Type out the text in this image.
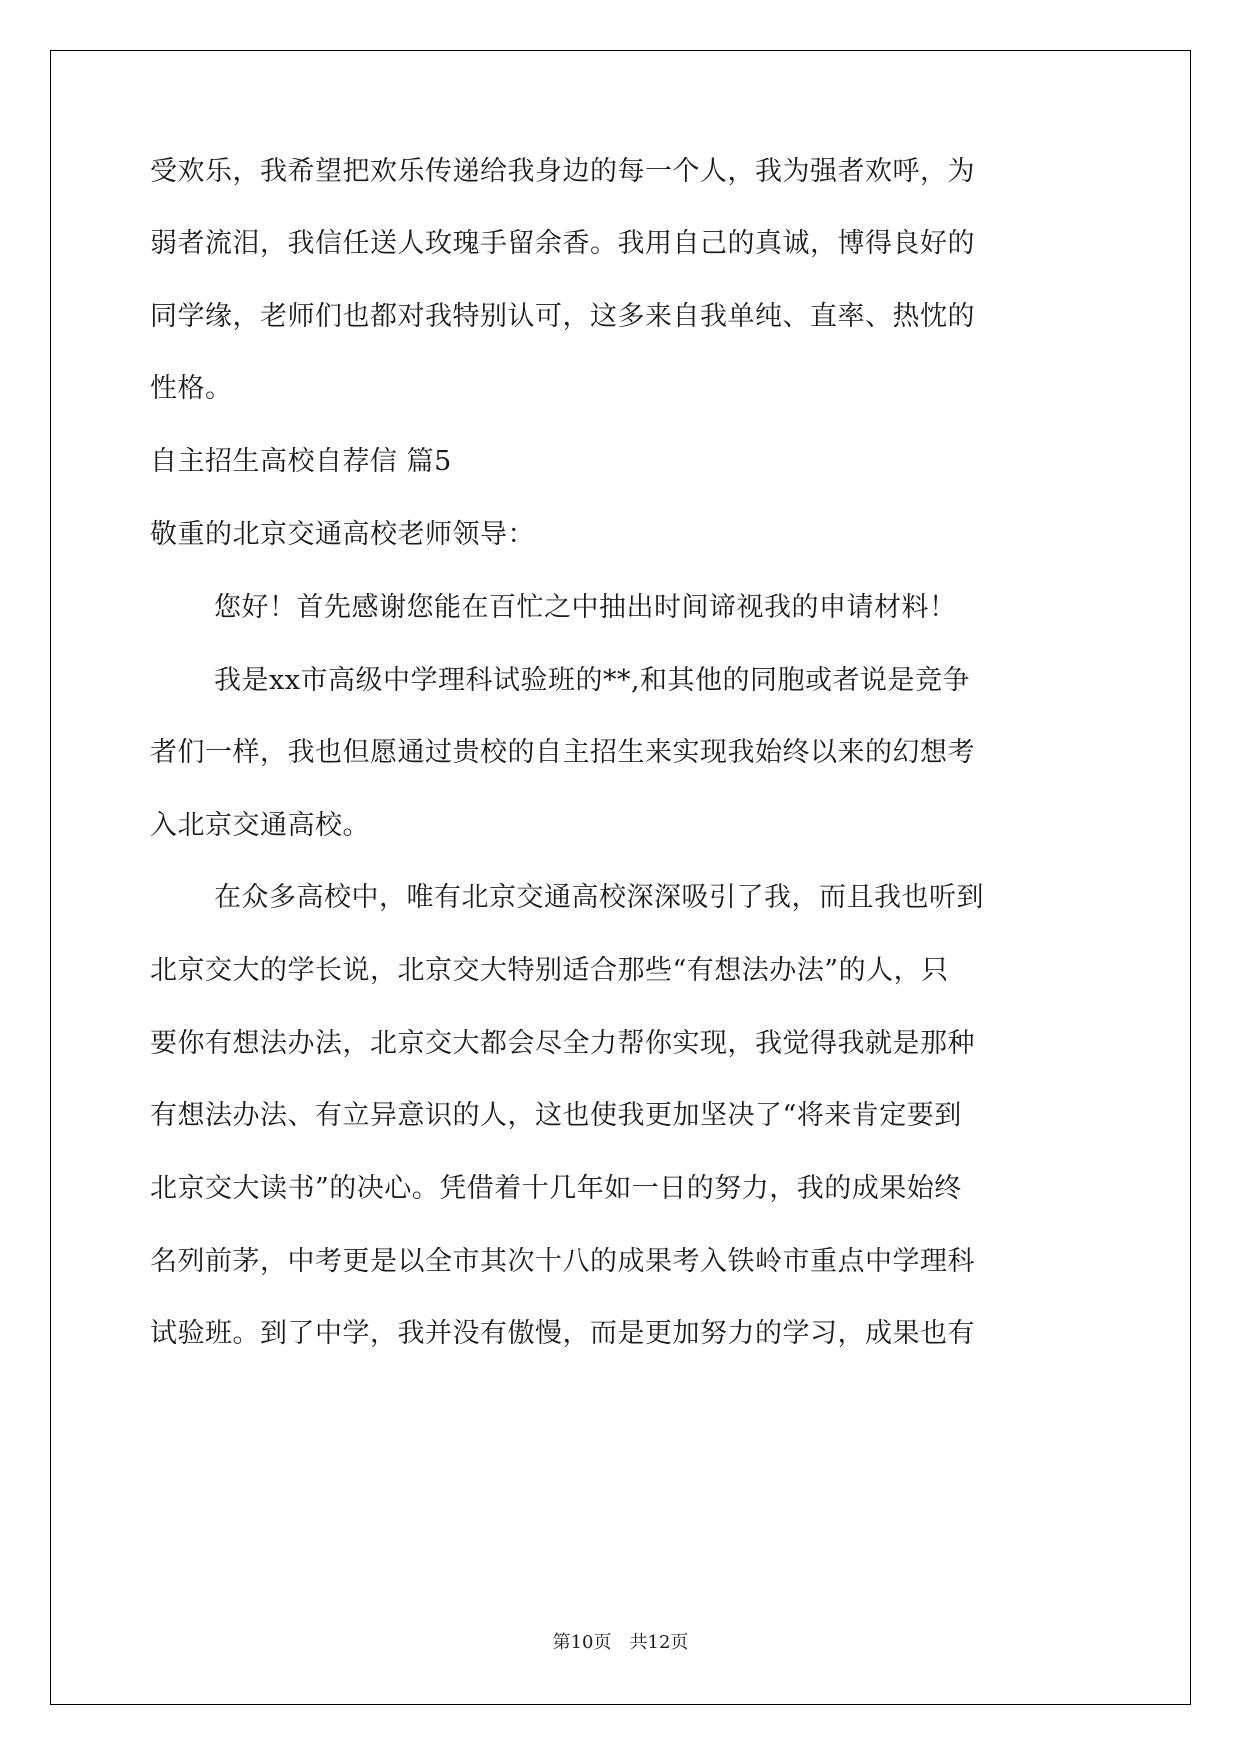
受欢乐，我希望把欢乐传递给我身边的每一个人，我为强者欢呼，为

弱者流泪，我信任送人玫瑰手留余香。我用自己的真诚，博得良好的

同学缘，老师们也都对我特别认可，这多来自我单纯、直率、热忱的

性格。

自主招生高校自荐信 篇5

敬重的北京交通高校老师领导：

您好！首先感谢您能在百忙之中抽出时间谛视我的申请材料！

我是xx市高级中学理科试验班的**,和其他的同胞或者说是竞争

者们一样，我也但愿通过贵校的自主招生来实现我始终以来的幻想考

入北京交通高校。

在众多高校中，唯有北京交通高校深深吸引了我，而且我也听到

北京交大的学长说，北京交大特别适合那些“有想法办法”的人，只

要你有想法办法，北京交大都会尽全力帮你实现，我觉得我就是那种

有想法办法、有立异意识的人，这也使我更加坚决了“将来肯定要到

北京交大读书”的决心。凭借着十几年如一日的努力，我的成果始终

名列前茅，中考更是以全市其次十八的成果考入铁岭市重点中学理科

试验班。到了中学，我并没有傲慢，而是更加努力的学习，成果也有

第10页 共12页
